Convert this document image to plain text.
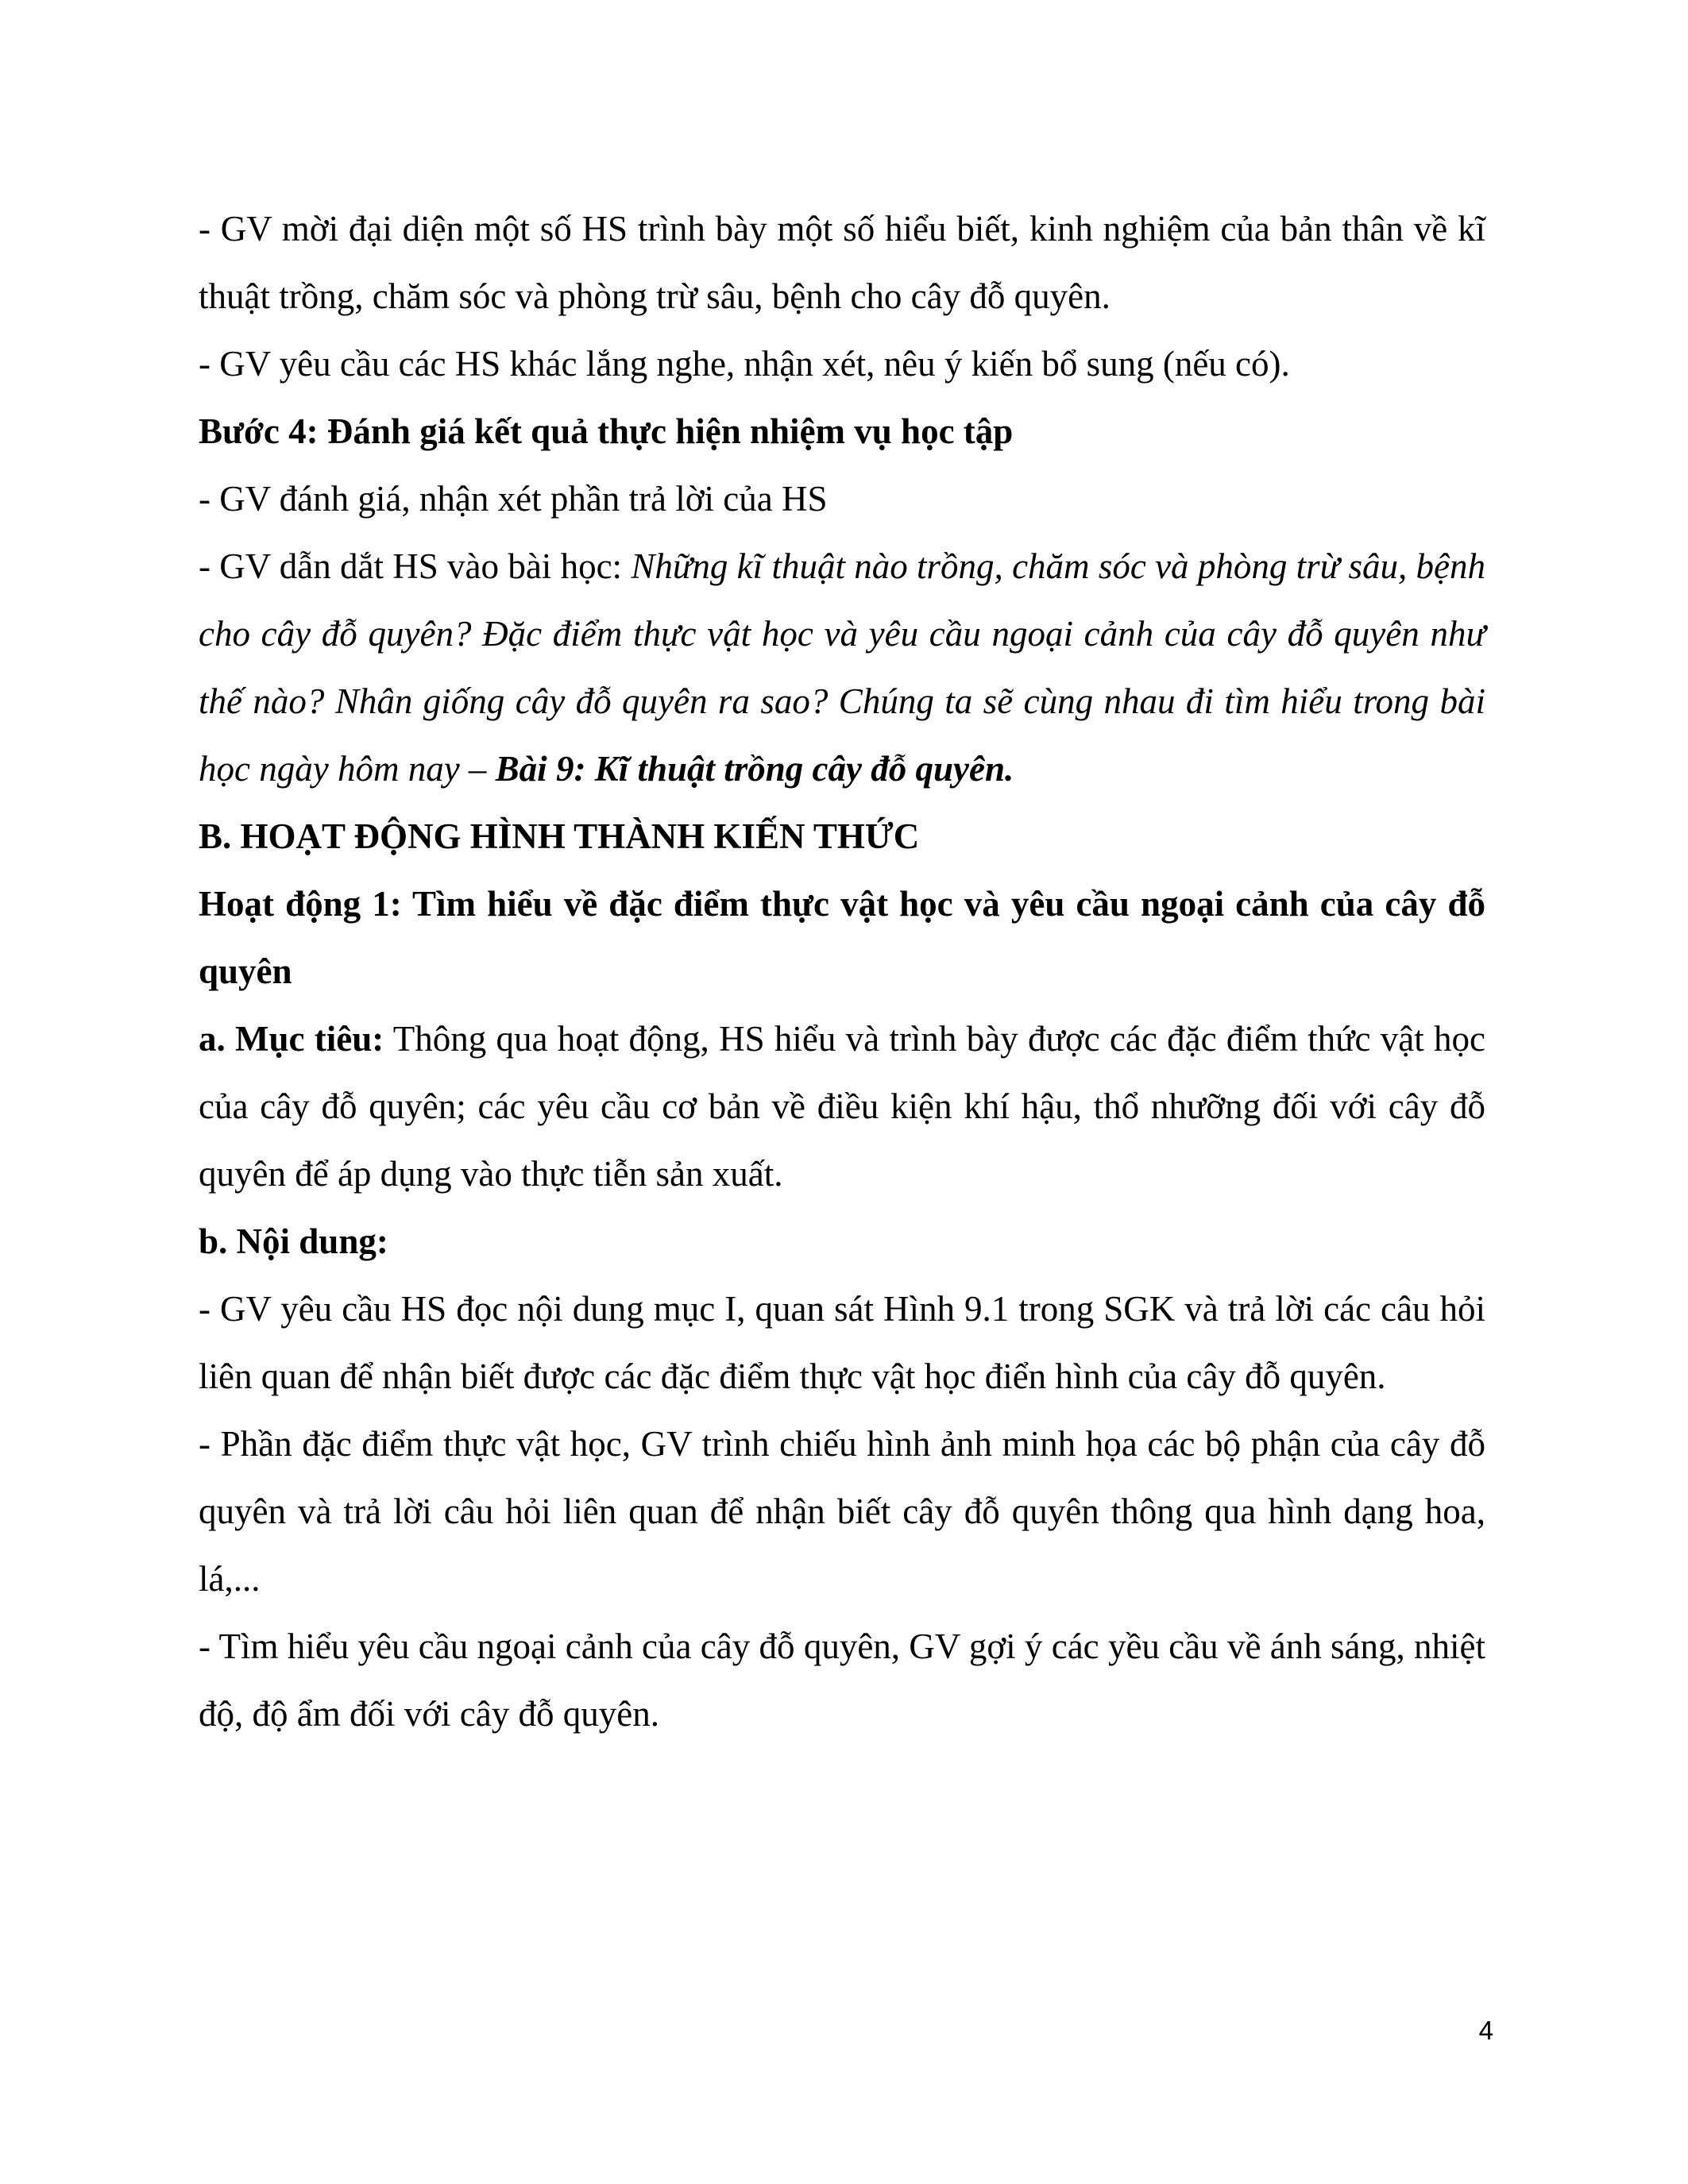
- GV mời đại diện một số HS trình bày một số hiểu biết, kinh nghiệm của bản thân về kĩ thuật trồng, chăm sóc và phòng trừ sâu, bệnh cho cây đỗ quyên.

- GV yêu cầu các HS khác lắng nghe, nhận xét, nêu ý kiến bổ sung (nếu có).

Bước 4: Đánh giá kết quả thực hiện nhiệm vụ học tập

- GV đánh giá, nhận xét phần trả lời của HS

- GV dẫn dắt HS vào bài học: Những kĩ thuật nào trồng, chăm sóc và phòng trừ sâu, bệnh cho cây đỗ quyên? Đặc điểm thực vật học và yêu cầu ngoại cảnh của cây đỗ quyên như thế nào? Nhân giống cây đỗ quyên ra sao? Chúng ta sẽ cùng nhau đi tìm hiểu trong bài học ngày hôm nay – Bài 9: Kĩ thuật trồng cây đỗ quyên.

B. HOẠT ĐỘNG HÌNH THÀNH KIẾN THỨC

Hoạt động 1: Tìm hiểu về đặc điểm thực vật học và yêu cầu ngoại cảnh của cây đỗ quyên

a. Mục tiêu: Thông qua hoạt động, HS hiểu và trình bày được các đặc điểm thức vật học của cây đỗ quyên; các yêu cầu cơ bản về điều kiện khí hậu, thổ nhưỡng đối với cây đỗ quyên để áp dụng vào thực tiễn sản xuất.

b. Nội dung:

- GV yêu cầu HS đọc nội dung mục I, quan sát Hình 9.1 trong SGK và trả lời các câu hỏi liên quan để nhận biết được các đặc điểm thực vật học điển hình của cây đỗ quyên.

- Phần đặc điểm thực vật học, GV trình chiếu hình ảnh minh họa các bộ phận của cây đỗ quyên và trả lời câu hỏi liên quan để nhận biết cây đỗ quyên thông qua hình dạng hoa, lá,...

- Tìm hiểu yêu cầu ngoại cảnh của cây đỗ quyên, GV gợi ý các yều cầu về ánh sáng, nhiệt độ, độ ẩm đối với cây đỗ quyên.

4
